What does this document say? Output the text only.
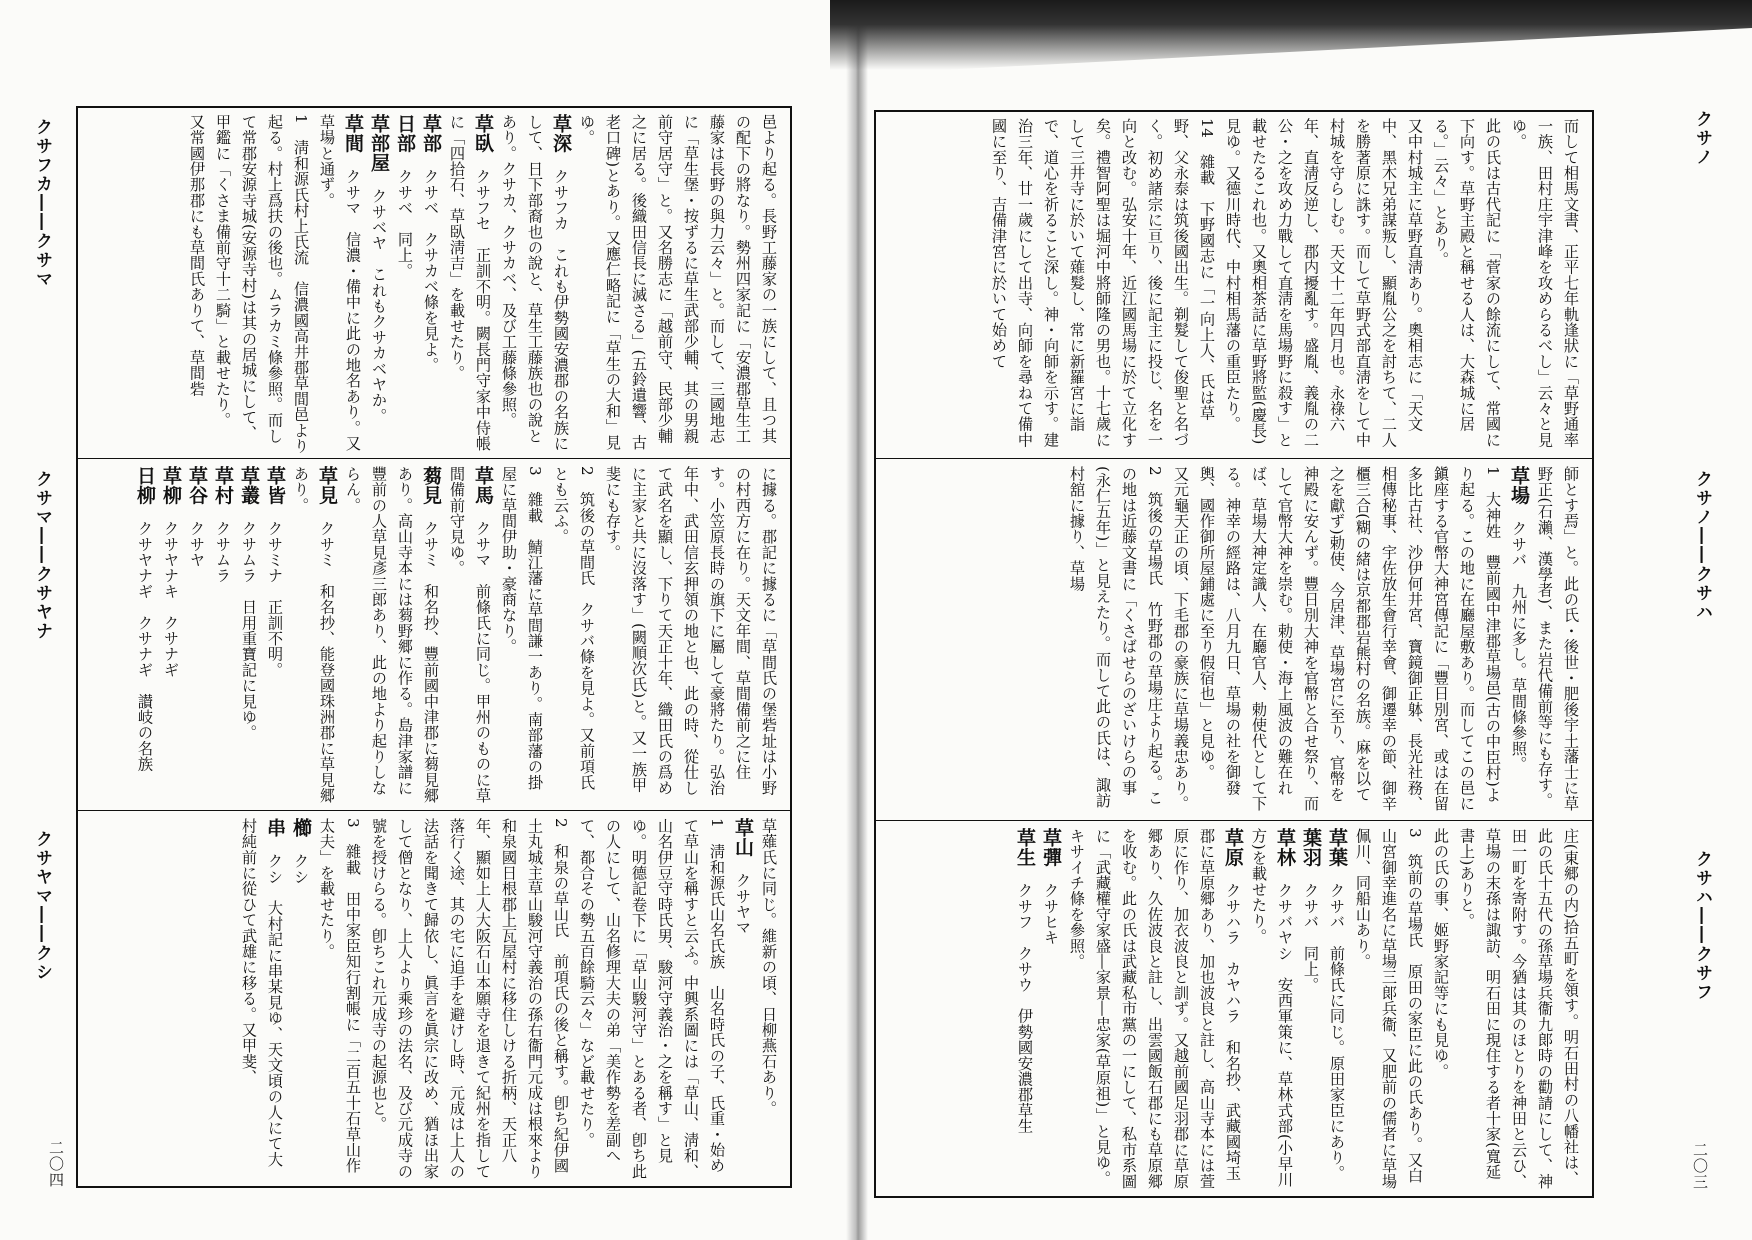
クサフカ――クサマ
クサマ――クサヤナ
クサヤマ――クシ
二〇四

邑より起る。長野工藤家の一族にして、且つ其の配下の將なり。勢州四家記に「安濃郡草生工藤家は長野の與力云々」と。而して、三國地志に「草生堡・按ずるに草生武部少輔、其の男親前守居守」と。又名勝志に「越前守、民部少輔之に居る。後織田信長に滅さる」(五鈴遺響、古老口碑)とあり。又應仁略記に「草生の大和」見ゆ。

草深　クサフカ　これも伊勢國安濃郡の名族にして、日下部裔也の說と、草生工藤族也の說とあり。クサカ、クサカベ、及び工藤條參照。

草臥　クサフセ　正訓不明。闕長門守家中侍帳に「四拾石、草臥淸吉」を載せたり。

草部　クサベ　クサカベ條を見よ。

日部　クサベ　同上。

草部屋　クサベヤ　これもクサカベヤか。

草間　クサマ　信濃・備中に此の地名あり。又草場と通ず。

1　淸和源氏村上氏流　信濃國高井郡草間邑より起る。村上爲扶の後也。ムラカミ條參照。而して常郡安源寺城(安源寺村)は其の居城にして、甲鑑に「くさま備前守十二騎」と載せたり。

又常國伊那郡にも草間氏ありて、草間砦

に據る。郡記に據るに「草間氏の堡砦址は小野の村西方に在り。天文年間、草間備前之に住す。小笠原長時の旗下に屬して豪將たり。弘治年中、武田信玄押領の地と也、此の時、從仕して武名を顯し、下りて天正十年、織田氏の爲めに主家と共に沒落す」(闕順次氏)と。又一族甲斐にも存す。

2　筑後の草間氏　クサバ條を見よ。又前項氏とも云ふ。

3　雜載　鯖江藩に草間謙一あり。南部藩の掛屋に草間伊助・豪商なり。

草馬　クサマ　前條氏に同じ。甲州のものに草間備前守見ゆ。

蒭見　クサミ　和名抄、豐前國中津郡に蒭見郷あり。高山寺本には蒭野郷に作る。島津家譜に豐前の人草見彥三郎あり、此の地より起りしならん。

草見　クサミ　和名抄、能登國珠洲郡に草見郷あり。

草皆　クサミナ　正訓不明。

草叢　クサムラ　日用重寶記に見ゆ。

草村　クサムラ

草谷　クサヤ

草柳　クサヤナキ　クサナギ

日柳　クサヤナギ　クサナギ　讃岐の名族

草薙氏に同じ。維新の頃、日柳燕石あり。

草山　クサヤマ

1　淸和源氏山名氏族　山名時氏の子、氏重・始めて草山を稱すと云ふ。中興系圖には「草山、淸和、山名伊豆守時氏男、駿河守義治・之を稱す」と見ゆ。明德記卷下に「草山駿河守」とある者、卽ち此の人にして、山名修理大夫の弟「美作勢を差副へて、都合その勢五百餘騎云々」など載せたり。

2　和泉の草山氏　前項氏の後と稱す。卽ち紀伊國土丸城主草山駿河守義治の孫右衞門元成は根來より和泉國日根郡上瓦屋村に移住しける折柄、天正八年、顯如上人大阪石山本願寺を退きて紀州を指して落行く途、其の宅に追手を避けし時、元成は上人の法話を聞きて歸依し、眞言を眞宗に改め、猶ほ出家して僧となり、上人より乘珍の法名、及び元成寺の號を授けらる。卽ちこれ元成寺の起源也と。

3　雜載　田中家臣知行割帳に「二百五十石草山作太夫」を載せたり。

櫛　クシ

串　クシ　大村記に串某見ゆ、天文頃の人にて大村純前に從ひて武雄に移る。又甲斐、

クサノ
クサノ――クサハ
クサハ――クサフ
二〇三

而して相馬文書、正平七年軌逢狀に「草野通率一族、田村庄宇津峰を攻めらるべし」云々と見ゆ。

此の氏は古代記に「菅家の餘流にして、常國に下向す。草野主殿と稱せる人は、大森城に居る。」云々」とあり。

又中村城主に草野直淸あり。奧相志に「天文中、黑木兄弟謀叛し、顯胤公之を討ちて、二人を勝著原に誅す。而して草野式部直淸をして中村城を守らしむ。天文十二年四月也。永祿六年、直淸反逆し、郡内擾亂す。盛胤、義胤の二公・之を攻め力戰して直淸を馬場野に殺す」と載せたるこれ也。又奧相茶話に草野將監(慶長)見ゆ。又德川時代、中村相馬藩の重臣たり。

14　雜載　下野國志に「一向上人、氏は草野、父永泰は筑後國出生。剃髮して俊聖と名づく。初め諸宗に亘り、後に記主に投じ、名を一向と改む。弘安十年、近江國馬場に於て立化す矣。禮智阿聖は堀河中將師隆の男也。十七歲にして三井寺に於いて薙髮し、常に新羅宮に詣で、道心を祈ること深し。神・向師を示す。建治三年、廿一歲にして出寺、向師を尋ねて備中國に至り、吉備津宮に於いて始めて

師とす焉」と。此の氏・後世・肥後宇土藩士に草野正(石瀨、漢學者)、また岩代備前等にも存す。

草場　クサバ　九州に多し。草間條參照。

1　大神姓　豐前國中津郡草場邑(古の中臣村)より起る。この地に在廳屋敷あり。而してこの邑に鎭座する官幣大神宮傳記に「豐日別宮、或は在留多比古社、沙伊何井宮、寶鏡御正躰、長光社務、相傳秘事、宇佐放生會行幸會、御遷幸の節、御辛櫃三合(糊の緒は京都郡岩熊村の名族。麻を以て之を獻ず)勅使、今居津、草場宮に至り、官幣を神殿に安んず。豐日別大神を官幣と合せ祭り、而して官幣大神を崇む。勅使・海上風波の難在れば、草場大神定識人、在廳官人、勅使代として下る。神幸の經路は、八月九日、草場の社を御發輿、國作御所屋鋪處に至り假宿也」と見ゆ。

又元龜天正の頃、下毛郡の豪族に草場義忠あり。

2　筑後の草場氏　竹野郡の草場庄より起る。この地は近藤文書に「くさばせらのざいけらの事(永仁五年)」と見えたり。而して此の氏は、諏訪村舘に據り、草場

庄(東郷の内)拾五町を領す。明石田村の八幡社は、此の氏十五代の孫草場兵衞九郞時の勸請にして、神田一町を寄附す。今猶は其のほとりを神田と云ひ、草場の末孫は諏訪、明石田に現住する者十家(寬延書上)ありと。

此の氏の事、姬野家記等にも見ゆ。

3　筑前の草場氏　原田の家臣に此の氏あり。又白山宮御幸進名に草場三郞兵衞、又肥前の儒者に草場佩川、同船山あり。

草葉　クサバ　前條氏に同じ。原田家臣にあり。

葉羽　クサバ　同上。

草林　クサバヤシ　安西軍策に、草林式部(小早川方)を載せたり。

草原　クサハラ　カヤハラ　和名抄、武藏國埼玉郡に草原郷あり、加也波良と註し、高山寺本には萱原に作り、加衣波良と訓ず。又越前國足羽郡に草原郷あり、久佐波良と註し、出雲國飯石郡にも草原郷を收む。此の氏は武藏私市黨の一にして、私市系圖に「武藏權守家盛―家景―忠家(草原祖)」と見ゆ。キサイチ條を參照。

草彈　クサヒキ

草生　クサフ　クサウ　伊勢國安濃郡草生
